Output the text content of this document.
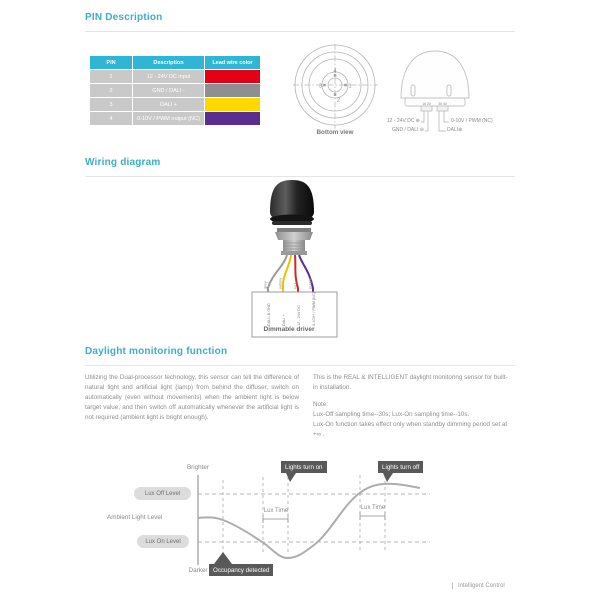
PIN Description
PIN	Description	Lead wire color
1	12 - 24V DC input
2	GND / DALI -
3	DALI +
4	0-10V / PWM output (NC)
1
2
3
4
Bottom view
1# 2# 3# 4#
12 - 24V DC ⊕
GND / DALI ⊖
0-10V / PWM (NC)
DALI⊕
Wiring diagram
grey	yellow	red	purple
DALI- & GND	DALI +	12 - 24V DC	0-10V+ / PWM (NC)
Dimmable driver
Daylight monitoring function
Utilizing the Dual-processor technology, this sensor can tell the difference of natural light and artificial light (lamp) from behind the diffuser, switch on automatically (even without movements) when the ambient light is below target value, and then switch off automatically whenever the artificial light is not required (ambient light is bright enough).
This is the REAL & INTELLIGENT daylight monitoring sensor for built-in installation.
Note:
Lux-Off sampling time--30s; Lux-On sampling time--10s.
Lux-On function takes effect only when standby dimming period set at +∞ .
Brighter
Darker
Lux Off Level
Ambient Light Level
Lux On Level
Lux Time	Lux Time
Lights turn on	Lights turn off
Occupancy detected
Intelligent Control
